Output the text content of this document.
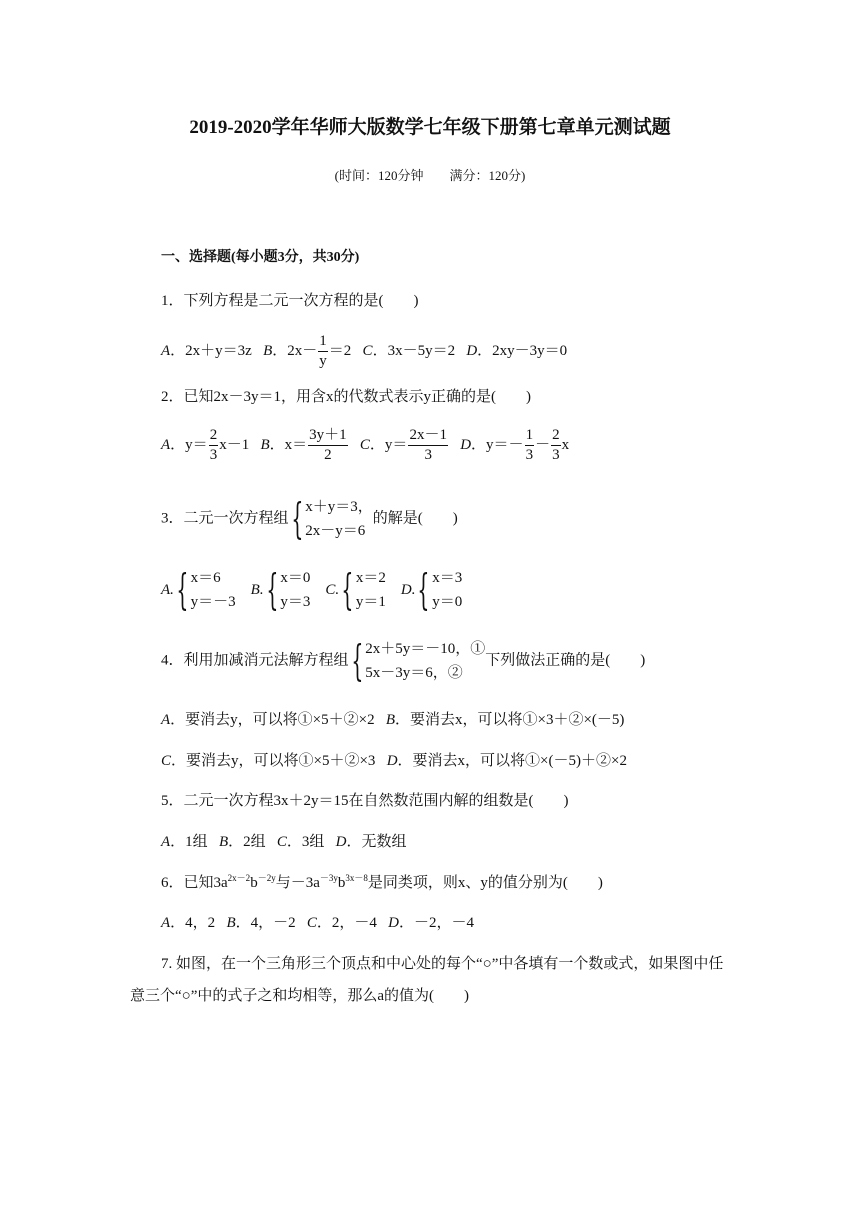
2019-2020学年华师大版数学七年级下册第七章单元测试题
(时间：120分钟　　满分：120分)
一、选择题(每小题3分，共30分)
1．下列方程是二元一次方程的是(　　)
A．2x＋y＝3z B．$2x- \frac{1}{y} =2$ C．3x－5y＝2 D．2xy－3y＝0
2．已知2x－3y＝1，用含x的代数式表示y正确的是(　　)
A．$y= \frac{2}{3} x-1$ B．$x= \frac{3y+1}{2}$ C．$y= \frac{2x-1}{3}$ D．$y=- \frac{1}{3} - \frac{2}{3}$ x
3．二元一次方程组 { x＋y＝3，
2x－y＝6
的解是(　　)
A. { x＝6
y＝－3

B. { x＝0
y＝3

C. { x＝2
y＝1

D. { x＝3
y＝0
4．利用加减消元法解方程组 { 2x＋5y＝－10，①
5x－3y＝6，②
下列做法正确的是(　　)
A．要消去y，可以将①×5＋②×2 B．要消去x，可以将①×3＋②×(－5)
C．要消去y，可以将①×5＋②×3 D．要消去x，可以将①×(－5)＋②×2
5．二元一次方程3x＋2y＝15在自然数范围内解的组数是(　　)
A．1组 B．2组 C．3组 D．无数组
6．已知$3a^{2x-2}b^{-2y}$与$-3a^{-3y}b^{3x-8}$是同类项，则x、y的值分别为(　　)
A．4，2 B．4，－2 C．2，－4 D．－2，－4
7. 如图，在一个三角形三个顶点和中心处的每个“○”中各填有一个数或式，如果图中任意三个“○”中的式子之和均相等，那么a的值为(　　)
